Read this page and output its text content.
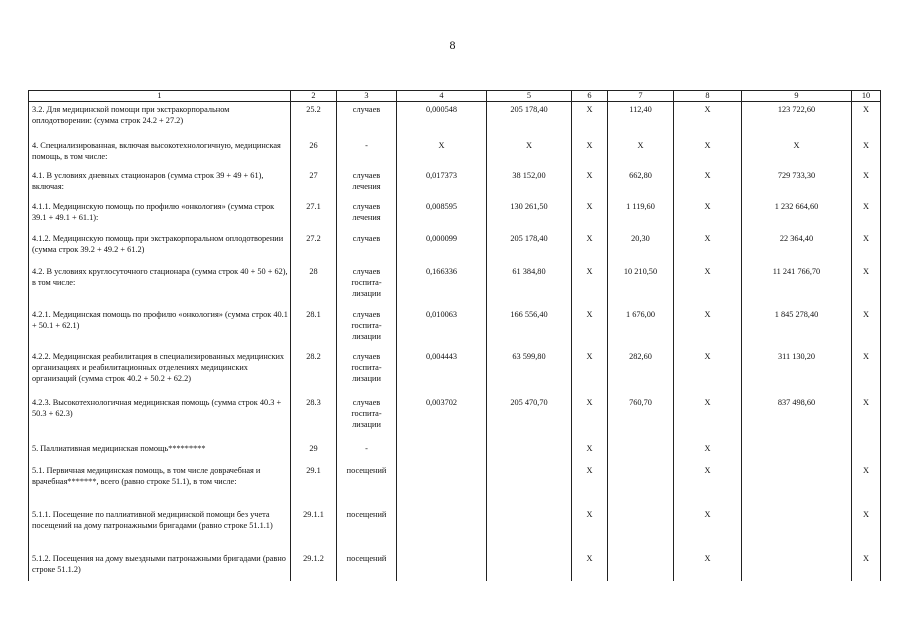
8
1	2	3	4	5	6	7	8	9	10
3.2. Для медицинской помощи при экстракорпоральном оплодотворении: (сумма строк 24.2 + 27.2)	25.2	случаев	0,000548	205 178,40	X	112,40	X	123 722,60	X
4. Специализированная, включая высокотехнологичную, медицинская помощь, в том числе:	26	-	X	X	X	X	X	X	X
4.1. В условиях дневных стационаров (сумма строк 39 + 49 + 61), включая:	27	случаев лечения	0,017373	38 152,00	X	662,80	X	729 733,30	X
4.1.1. Медицинскую помощь по профилю «онкология» (сумма строк 39.1 + 49.1 + 61.1):	27.1	случаев лечения	0,008595	130 261,50	X	1 119,60	X	1 232 664,60	X
4.1.2. Медицинскую помощь при экстракорпоральном оплодотворении (сумма строк 39.2 + 49.2 + 61.2)	27.2	случаев	0,000099	205 178,40	X	20,30	X	22 364,40	X
4.2. В условиях круглосуточного стационара (сумма строк 40 + 50 + 62), в том числе:	28	случаев госпита-лизации	0,166336	61 384,80	X	10 210,50	X	11 241 766,70	X
4.2.1. Медицинская помощь по профилю «онкология» (сумма строк 40.1 + 50.1 + 62.1)	28.1	случаев госпита-лизации	0,010063	166 556,40	X	1 676,00	X	1 845 278,40	X
4.2.2. Медицинская реабилитация в специализированных медицинских организациях и реабилитационных отделениях медицинских организаций (сумма строк 40.2 + 50.2 + 62.2)	28.2	случаев госпита-лизации	0,004443	63 599,80	X	282,60	X	311 130,20	X
4.2.3. Высокотехнологичная медицинская помощь (сумма строк 40.3 + 50.3 + 62.3)	28.3	случаев госпита-лизации	0,003702	205 470,70	X	760,70	X	837 498,60	X
5. Паллиативная медицинская помощь*********	29	-			X		X		
5.1. Первичная медицинская помощь, в том числе доврачебная и врачебная*******, всего (равно строке 51.1), в том числе:	29.1	посещений			X		X		X
5.1.1. Посещение по паллиативной медицинской помощи без учета посещений на дому патронажными бригадами (равно строке 51.1.1)	29.1.1	посещений			X		X		X
5.1.2. Посещения на дому выездными патронажными бригадами (равно строке 51.1.2)	29.1.2	посещений			X		X		X
